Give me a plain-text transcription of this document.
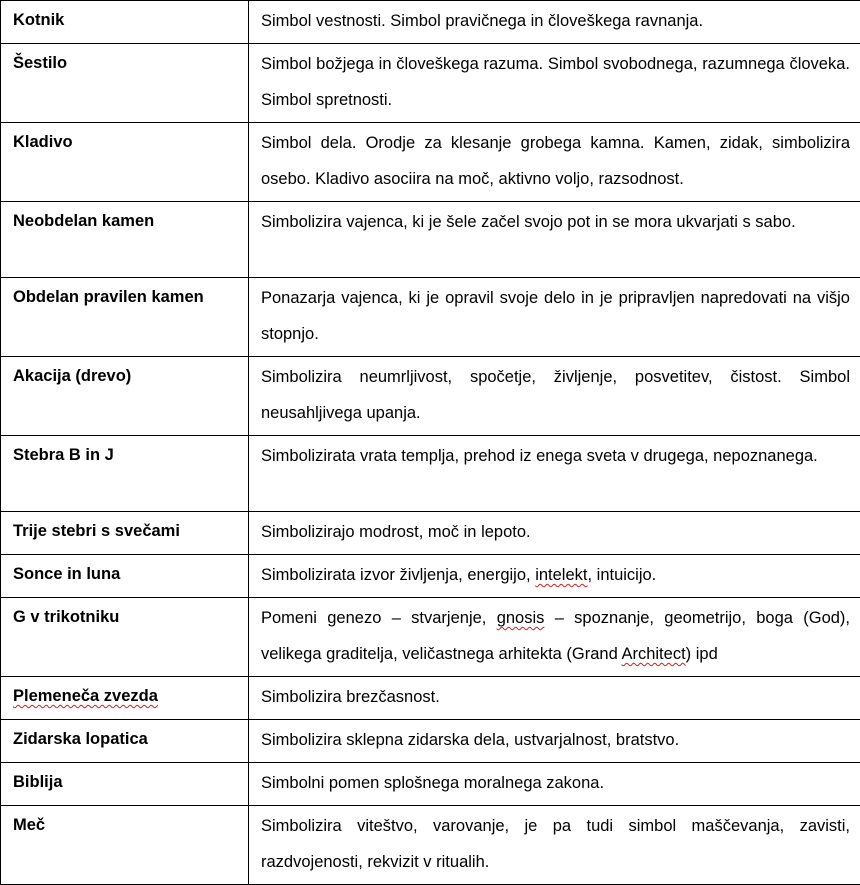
Kotnik	Simbol vestnosti. Simbol pravičnega in človeškega ravnanja.
Šestilo	Simbol božjega in človeškega razuma. Simbol svobodnega, razumnega človeka. Simbol spretnosti.
Kladivo	Simbol dela. Orodje za klesanje grobega kamna. Kamen, zidak, simbolizira osebo. Kladivo asociira na moč, aktivno voljo, razsodnost.
Neobdelan kamen	Simbolizira vajenca, ki je šele začel svojo pot in se mora ukvarjati s sabo.
Obdelan pravilen kamen	Ponazarja vajenca, ki je opravil svoje delo in je pripravljen napredovati na višjo stopnjo.
Akacija (drevo)	Simbolizira neumrljivost, spočetje, življenje, posvetitev, čistost. Simbol neusahljivega upanja.
Stebra B in J	Simbolizirata vrata templja, prehod iz enega sveta v drugega, nepoznanega.
Trije stebri s svečami	Simbolizirajo modrost, moč in lepoto.
Sonce in luna	Simbolizirata izvor življenja, energijo, intelekt, intuicijo.
G v trikotniku	Pomeni genezo – stvarjenje, gnosis – spoznanje, geometrijo, boga (God), velikega graditelja, veličastnega arhitekta (Grand Architect) ipd
Plemeneča zvezda	Simbolizira brezčasnost.
Zidarska lopatica	Simbolizira sklepna zidarska dela, ustvarjalnost, bratstvo.
Biblija	Simbolni pomen splošnega moralnega zakona.
Meč	Simbolizira viteštvo, varovanje, je pa tudi simbol maščevanja, zavisti, razdvojenosti, rekvizit v ritualih.
